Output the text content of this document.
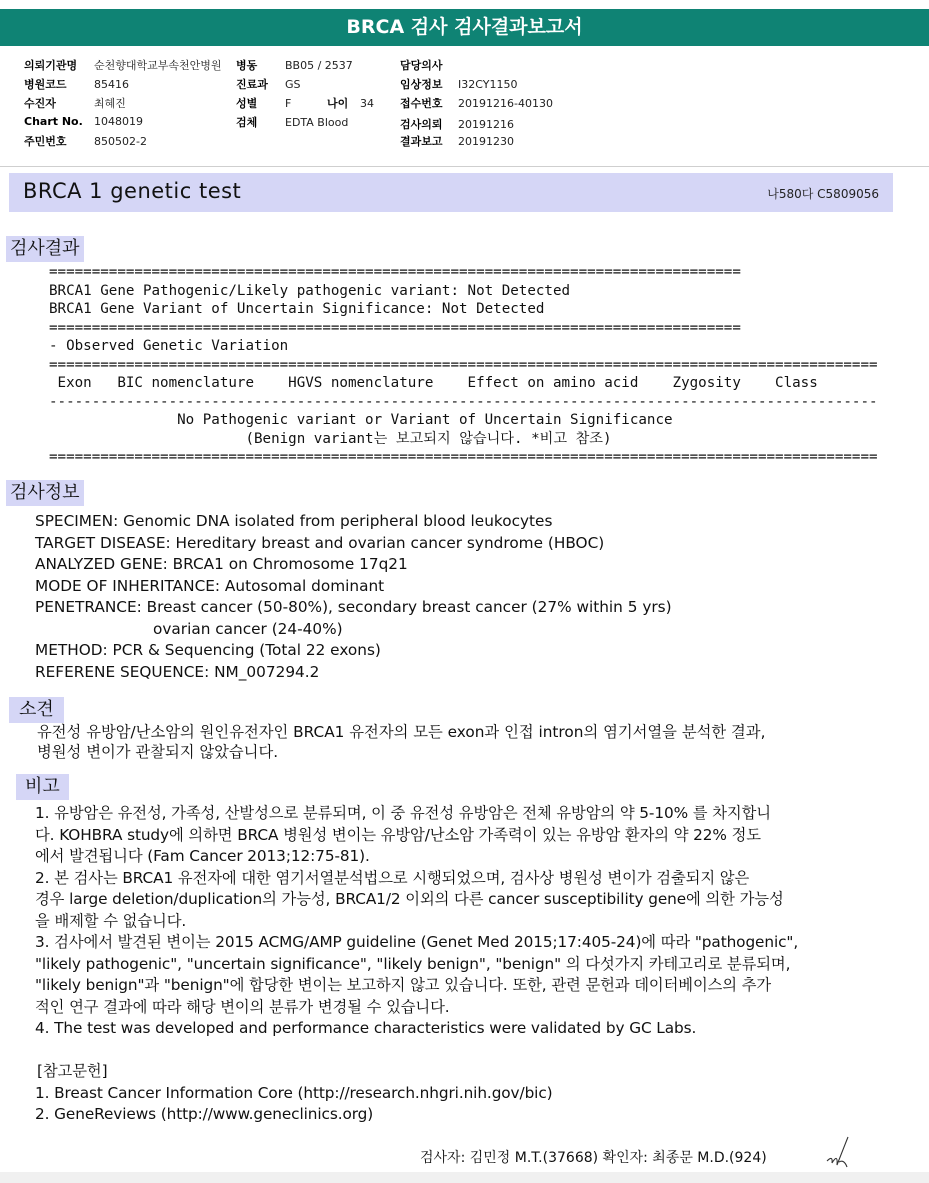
BRCA 검사 검사결과보고서
의뢰기관명 순천향대학교부속천안병원
병원코드 85416
수진자	최혜진
Chart No. 1048019
주민번호 850502-2
병동	BB05 / 2537
진료과 GS
성별	F	나이 34
검체	EDTA Blood
담당의사
임상정보 I32CY1150
접수번호 20191216-40130
검사의뢰 20191216
결과보고 20191230
BRCA 1 genetic test	나580다 C5809056
검사결과
=================================================================================
BRCA1 Gene Pathogenic/Likely pathogenic variant: Not Detected
BRCA1 Gene Variant of Uncertain Significance: Not Detected
=================================================================================
- Observed Genetic Variation
=================================================================================================
Exon   BIC nomenclature    HGVS nomenclature    Effect on amino acid    Zygosity    Class
-------------------------------------------------------------------------------------------------
No Pathogenic variant or Variant of Uncertain Significance
(Benign variant는 보고되지 않습니다. *비고 참조)
=================================================================================================
검사정보
SPECIMEN: Genomic DNA isolated from peripheral blood leukocytes
TARGET DISEASE: Hereditary breast and ovarian cancer syndrome (HBOC)
ANALYZED GENE: BRCA1 on Chromosome 17q21
MODE OF INHERITANCE: Autosomal dominant
PENETRANCE: Breast cancer (50-80%), secondary breast cancer (27% within 5 yrs)
ovarian cancer (24-40%)
METHOD: PCR & Sequencing (Total 22 exons)
REFERENE SEQUENCE: NM_007294.2
소견
유전성 유방암/난소암의 원인유전자인 BRCA1 유전자의 모든 exon과 인접 intron의 염기서열을 분석한 결과,
병원성 변이가 관찰되지 않았습니다.
비고
1. 유방암은 유전성, 가족성, 산발성으로 분류되며, 이 중 유전성 유방암은 전체 유방암의 약 5-10% 를 차지합니
다. KOHBRA study에 의하면 BRCA 병원성 변이는 유방암/난소암 가족력이 있는 유방암 환자의 약 22% 정도
에서 발견됩니다 (Fam Cancer 2013;12:75-81).
2. 본 검사는 BRCA1 유전자에 대한 염기서열분석법으로 시행되었으며, 검사상 병원성 변이가 검출되지 않은
경우 large deletion/duplication의 가능성, BRCA1/2 이외의 다른 cancer susceptibility gene에 의한 가능성
을 배제할 수 없습니다.
3. 검사에서 발견된 변이는 2015 ACMG/AMP guideline (Genet Med 2015;17:405-24)에 따라 "pathogenic",
"likely pathogenic", "uncertain significance", "likely benign", "benign" 의 다섯가지 카테고리로 분류되며,
"likely benign"과 "benign"에 합당한 변이는 보고하지 않고 있습니다. 또한, 관련 문헌과 데이터베이스의 추가
적인 연구 결과에 따라 해당 변이의 분류가 변경될 수 있습니다.
4. The test was developed and performance characteristics were validated by GC Labs.
[참고문헌]
1. Breast Cancer Information Core (http://research.nhgri.nih.gov/bic)
2. GeneReviews (http://www.geneclinics.org)
검사자: 김민정 M.T.(37668) 확인자: 최종문 M.D.(924)
